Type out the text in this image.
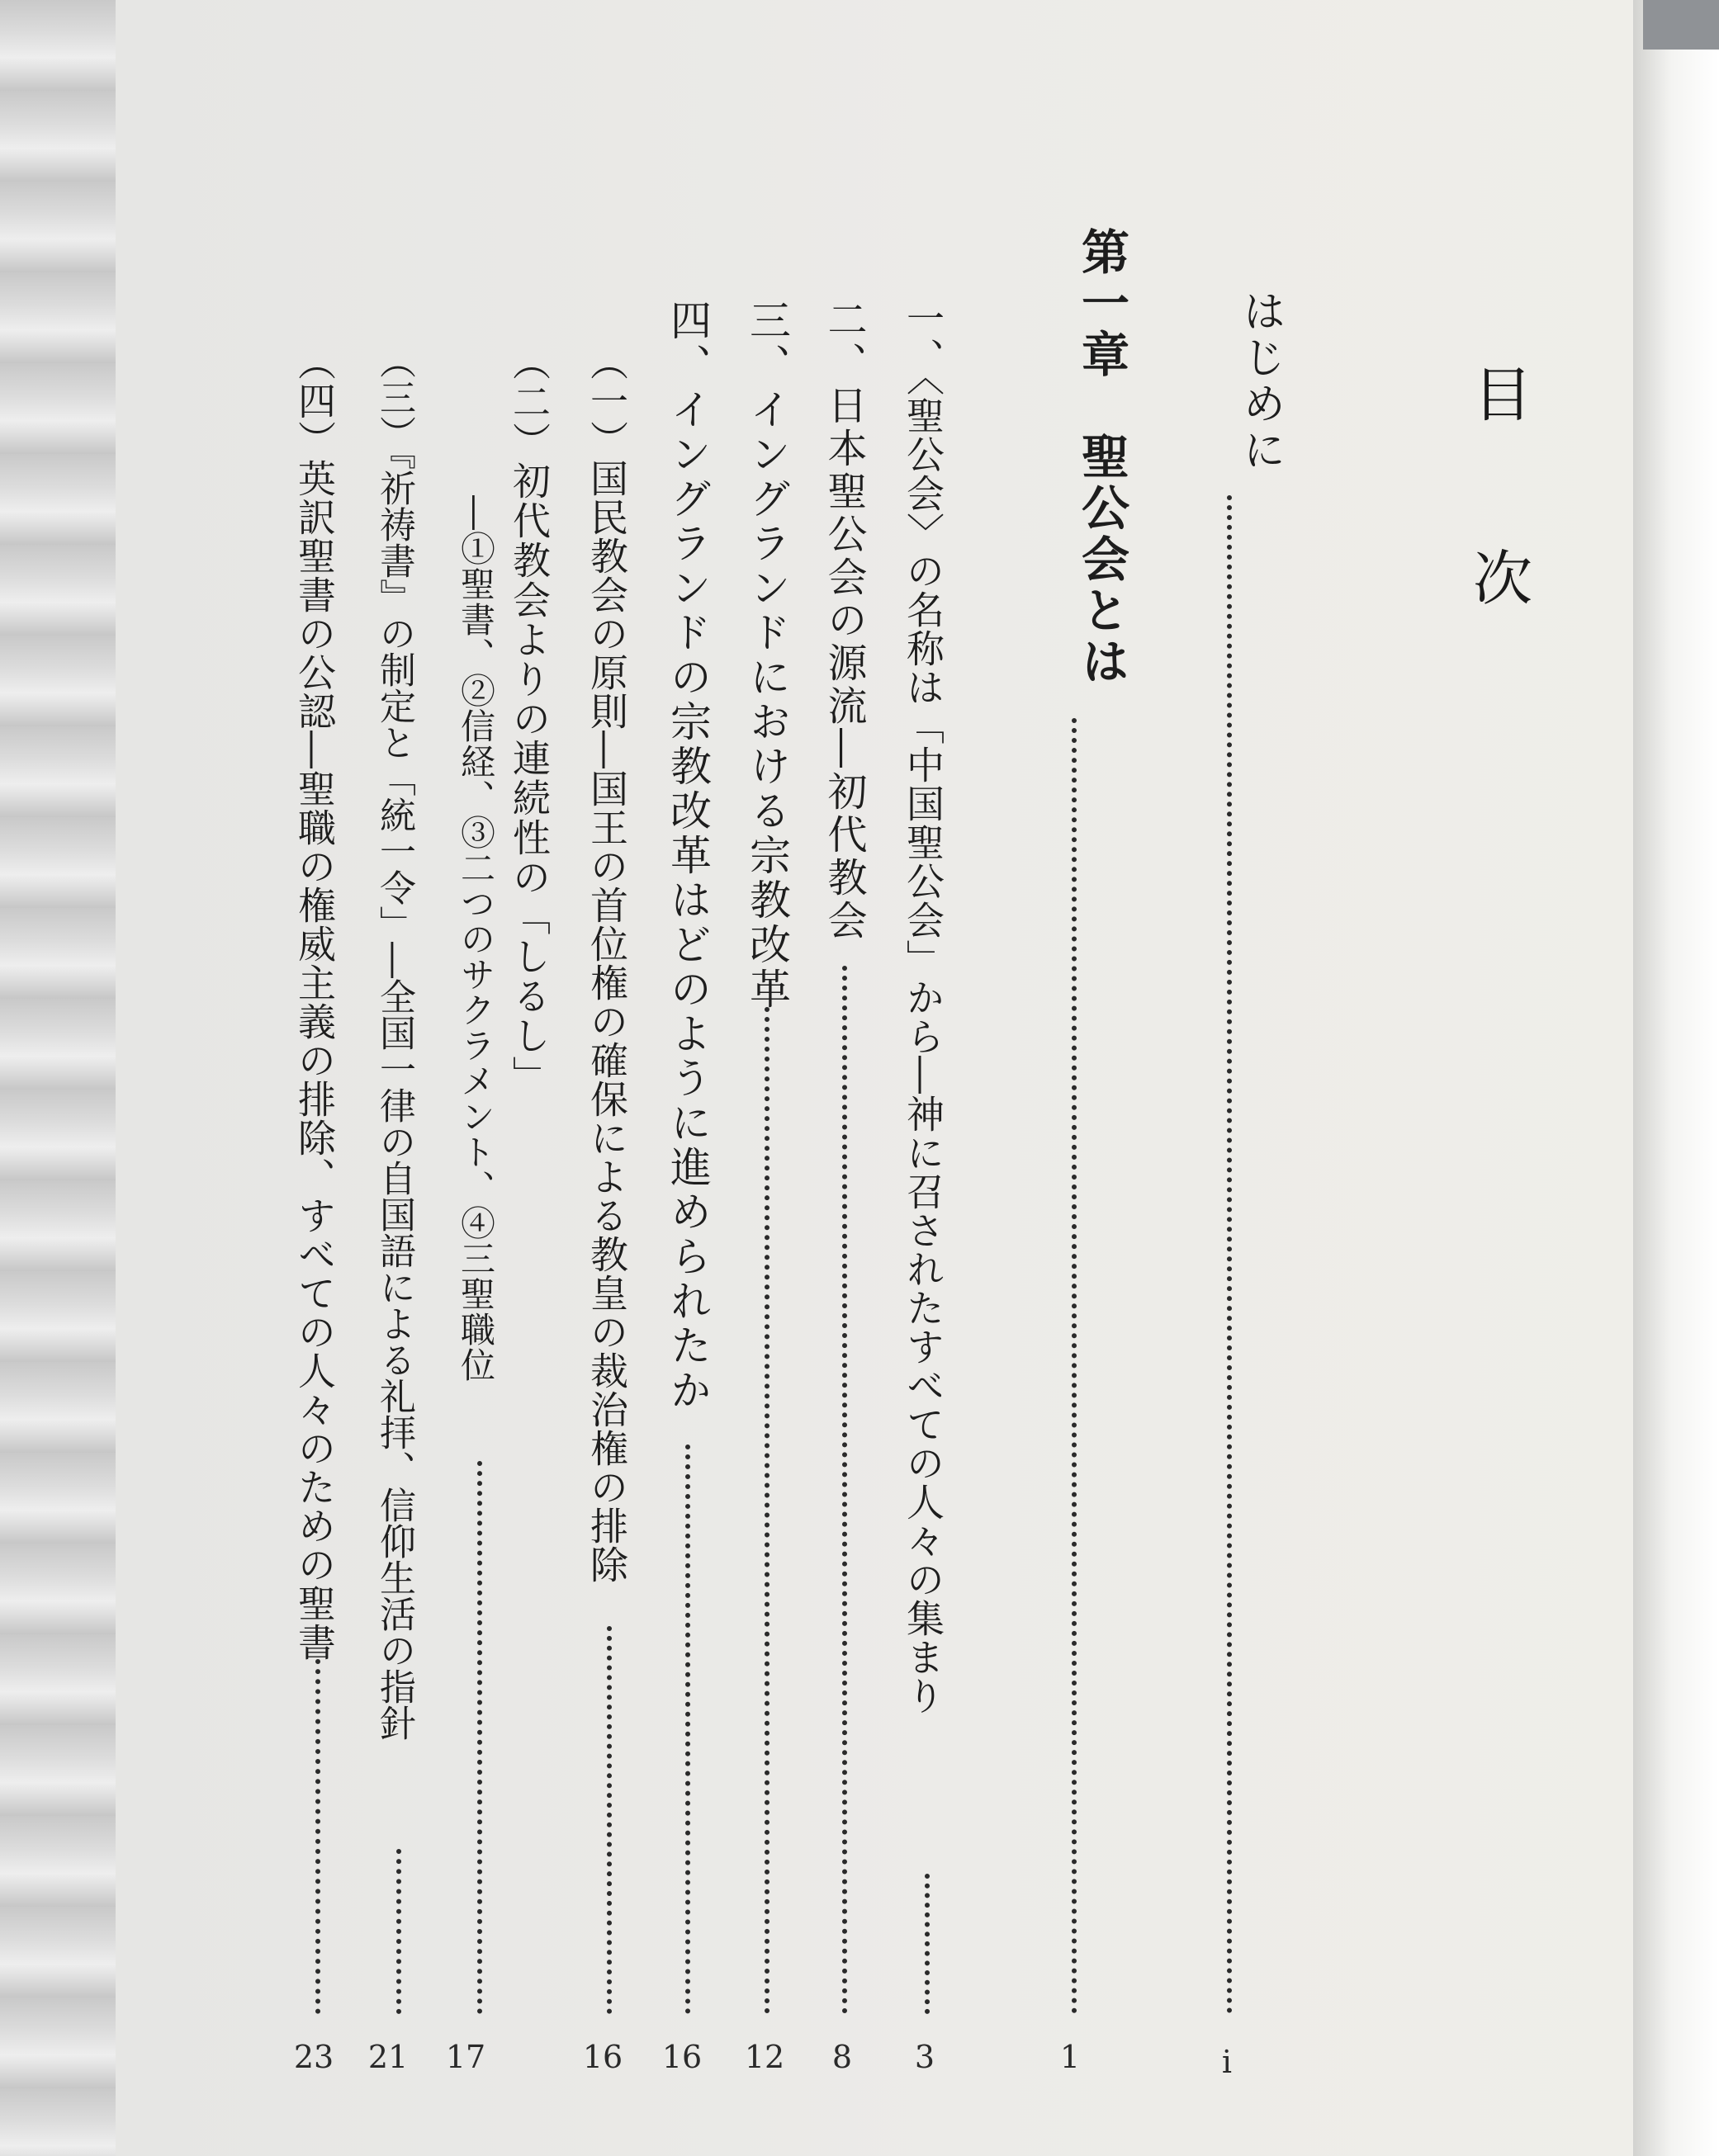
目 次
はじめに
i
第一章　聖公会とは
1
一、〈聖公会〉の名称は「中国聖公会」から―神に召されたすべての人々の集まり
3
二、日本聖公会の源流―初代教会
8
三、イングランドにおける宗教改革
12
四、イングランドの宗教改革はどのように進められたか
16
（一）国民教会の原則―国王の首位権の確保による教皇の裁治権の排除
16
（二）初代教会よりの連続性の「しるし」
―①聖書、②信経、③二つのサクラメント、④三聖職位
17
（三）『祈祷書』の制定と「統一令」―全国一律の自国語による礼拝、信仰生活の指針
21
（四）英訳聖書の公認―聖職の権威主義の排除、すべての人々のための聖書
23
